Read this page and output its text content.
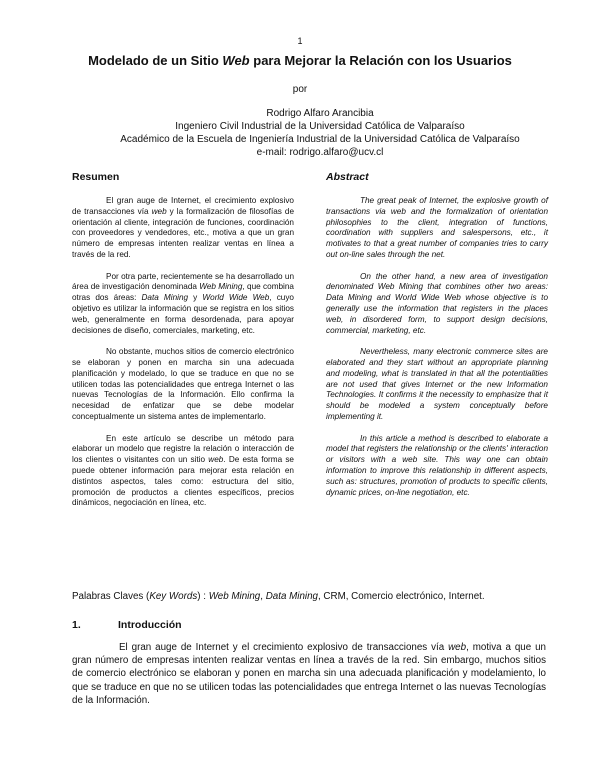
1
Modelado de un Sitio Web para Mejorar la Relación con los Usuarios
por
Rodrigo Alfaro Arancibia
Ingeniero Civil Industrial de la Universidad Católica de Valparaíso
Académico de la Escuela de Ingeniería Industrial de la Universidad Católica de Valparaíso
e-mail: rodrigo.alfaro@ucv.cl
Resumen	Abstract

El gran auge de Internet, el crecimiento explosivo de transacciones vía web y la formalización de filosofías de orientación al cliente, integración de funciones, coordinación con proveedores y vendedores, etc., motiva a que un gran número de empresas intenten realizar ventas en línea a través de la red.

Por otra parte, recientemente se ha desarrollado un área de investigación denominada Web Mining, que combina otras dos áreas: Data Mining y World Wide Web, cuyo objetivo es utilizar la información que se registra en los sitios web, generalmente en forma desordenada, para apoyar decisiones de diseño, comerciales, marketing, etc.

No obstante, muchos sitios de comercio electrónico se elaboran y ponen en marcha sin una adecuada planificación y modelado, lo que se traduce en que no se utilicen todas las potencialidades que entrega Internet o las nuevas Tecnologías de la Información. Ello confirma la necesidad de enfatizar que se debe modelar conceptualmente un sistema antes de implementarlo.

En este artículo se describe un método para elaborar un modelo que registre la relación o interacción de los clientes o visitantes con un sitio web. De esta forma se puede obtener información para mejorar esta relación en distintos aspectos, tales como: estructura del sitio, promoción de productos a clientes específicos, precios dinámicos, negociación en línea, etc.

The great peak of Internet, the explosive growth of transactions via web and the formalization of orientation philosophies to the client, integration of functions, coordination with suppliers and salespersons, etc., it motivates to that a great number of companies tries to carry out on-line sales through the net.

On the other hand, a new area of investigation denominated Web Mining that combines other two areas: Data Mining and World Wide Web whose objective is to generally use the information that registers in the places web, in disordered form, to support design decisions, commercial, marketing, etc.

Nevertheless, many electronic commerce sites are elaborated and they start without an appropriate planning and modeling, what is translated in that all the potentialities are not used that gives Internet or the new Information Technologies. It confirms it the necessity to emphasize that it should be modeled a system conceptually before implementing it.

In this article a method is described to elaborate a model that registers the relationship or the clients' interaction or visitors with a web site. This way one can obtain information to improve this relationship in different aspects, such as: structures, promotion of products to specific clients, dynamic prices, on-line negotiation, etc.

Palabras Claves (Key Words) : Web Mining, Data Mining, CRM, Comercio electrónico, Internet.
1.	Introducción

El gran auge de Internet y el crecimiento explosivo de transacciones vía web, motiva a que un gran número de empresas intenten realizar ventas en línea a través de la red. Sin embargo, muchos sitios de comercio electrónico se elaboran y ponen en marcha sin una adecuada planificación y modelamiento, lo que se traduce en que no se utilicen todas las potencialidades que entrega Internet o las nuevas Tecnologías de la Información.
